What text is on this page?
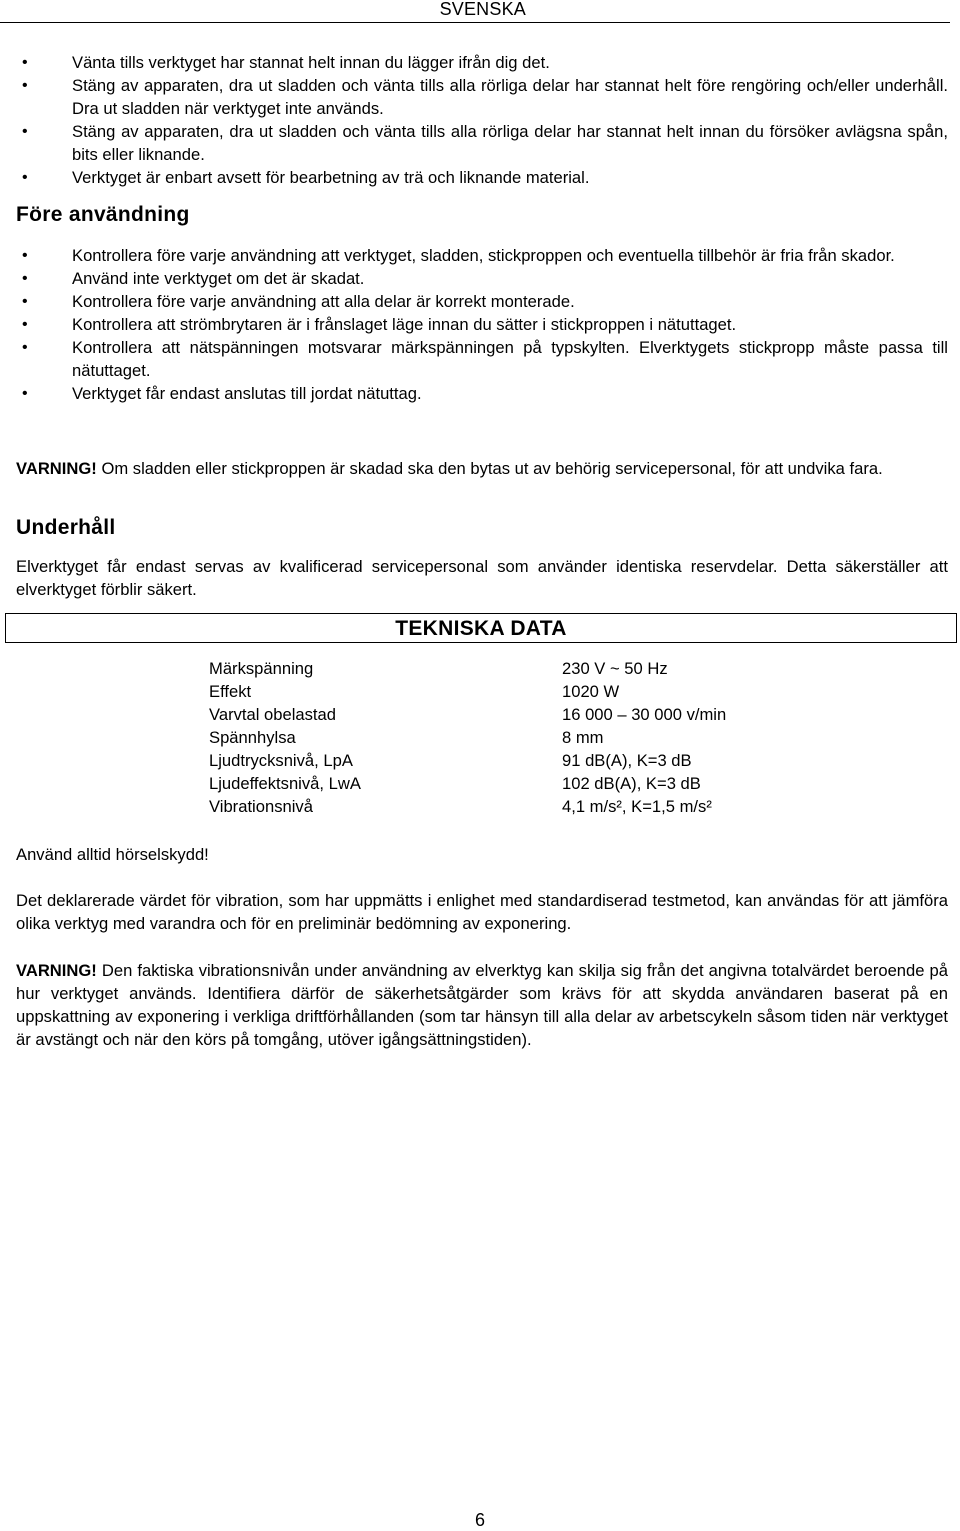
SVENSKA
• Vänta tills verktyget har stannat helt innan du lägger ifrån dig det.
• Stäng av apparaten, dra ut sladden och vänta tills alla rörliga delar har stannat helt före rengöring och/eller underhåll. Dra ut sladden när verktyget inte används.
• Stäng av apparaten, dra ut sladden och vänta tills alla rörliga delar har stannat helt innan du försöker avlägsna spån, bits eller liknande.
• Verktyget är enbart avsett för bearbetning av trä och liknande material.
Före användning
• Kontrollera före varje användning att verktyget, sladden, stickproppen och eventuella tillbehör är fria från skador.
• Använd inte verktyget om det är skadat.
• Kontrollera före varje användning att alla delar är korrekt monterade.
• Kontrollera att strömbrytaren är i frånslaget läge innan du sätter i stickproppen i nätuttaget.
• Kontrollera att nätspänningen motsvarar märkspänningen på typskylten. Elverktygets stickpropp måste passa till nätuttaget.
• Verktyget får endast anslutas till jordat nätuttag.

VARNING! Om sladden eller stickproppen är skadad ska den bytas ut av behörig servicepersonal, för att undvika fara.

Underhåll

Elverktyget får endast servas av kvalificerad servicepersonal som använder identiska reservdelar. Detta säkerställer att elverktyget förblir säkert.

TEKNISKA DATA
Märkspänning	230 V ~ 50 Hz
Effekt	1020 W
Varvtal obelastad	16 000 – 30 000 v/min
Spännhylsa	8 mm
Ljudtrycksnivå, LpA	91 dB(A), K=3 dB
Ljudeffektsnivå, LwA	102 dB(A), K=3 dB
Vibrationsnivå	4,1 m/s², K=1,5 m/s²

Använd alltid hörselskydd!

Det deklarerade värdet för vibration, som har uppmätts i enlighet med standardiserad testmetod, kan användas för att jämföra olika verktyg med varandra och för en preliminär bedömning av exponering.

VARNING! Den faktiska vibrationsnivån under användning av elverktyg kan skilja sig från det angivna totalvärdet beroende på hur verktyget används. Identifiera därför de säkerhetsåtgärder som krävs för att skydda användaren baserat på en uppskattning av exponering i verkliga driftförhållanden (som tar hänsyn till alla delar av arbetscykeln såsom tiden när verktyget är avstängt och när den körs på tomgång, utöver igångsättningstiden).

6
